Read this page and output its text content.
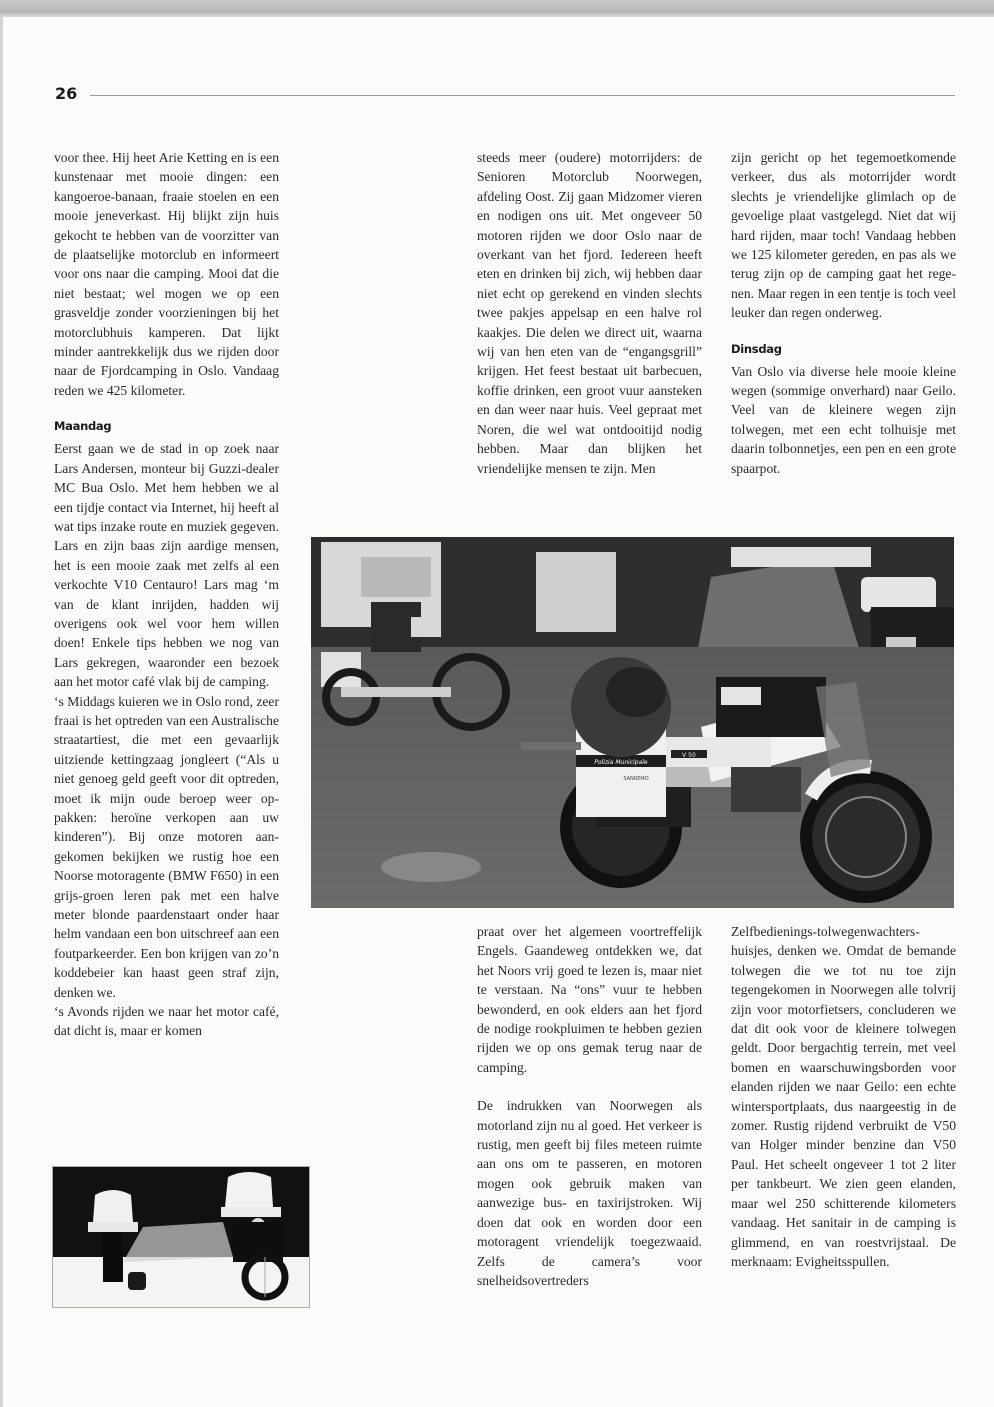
26

voor thee. Hij heet Arie Ketting en is een kunstenaar met mooie dingen: een kangoeroe-banaan, fraaie stoelen en een mooie jeneverkast. Hij blijkt zijn huis gekocht te hebben van de voorzitter van de plaatselijke motorclub en informeert voor ons naar die camping. Mooi dat die niet bestaat; wel mogen we op een grasveldje zonder voorzieningen bij het motorclubhuis kamperen. Dat lijkt minder aantrekkelijk dus we rijden door naar de Fjordcamping in Oslo. Vandaag reden we 425 kilometer.

Maandag

Eerst gaan we de stad in op zoek naar Lars Andersen, monteur bij Guzzi-dealer MC Bua Oslo. Met hem hebben we al een tijdje contact via Internet, hij heeft al wat tips inzake route en muziek gegeven. Lars en zijn baas zijn aardige mensen, het is een mooie zaak met zelfs al een verkochte V10 Centauro! Lars mag ‘m van de klant inrijden, hadden wij overigens ook wel voor hem willen doen! Enkele tips hebben we nog van Lars gekregen, waaronder een bezoek aan het motor café vlak bij de camping.

‘s Middags kuieren we in Oslo rond, zeer fraai is het optreden van een Australische straatartiest, die met een gevaarlijk uitziende kettingzaag jongleert (“Als u niet genoeg geld geeft voor dit optreden, moet ik mijn oude beroep weer oppakken: heroïne verkopen aan uw kinderen”). Bij onze motoren aangekomen bekijken we rustig hoe een Noorse motoragente (BMW F650) in een grijs-groen leren pak met een halve meter blonde paardenstaart onder haar helm vandaan een bon uitschreef aan een foutparkeerder. Een bon krijgen van zo’n koddebeier kan haast geen straf zijn, denken we.

‘s Avonds rijden we naar het motor café, dat dicht is, maar er komen

steeds meer (oudere) motorrijders: de Senioren Motorclub Noorwegen, afdeling Oost. Zij gaan Midzomer vieren en nodigen ons uit. Met ongeveer 50 motoren rijden we door Oslo naar de overkant van het fjord. Iedereen heeft eten en drinken bij zich, wij hebben daar niet echt op gerekend en vinden slechts twee pakjes appelsap en een halve rol kaakjes. Die delen we direct uit, waarna wij van hen eten van de “engangsgrill” krijgen. Het feest bestaat uit barbecuen, koffie drinken, een groot vuur aansteken en dan weer naar huis. Veel gepraat met Noren, die wel wat ontdooitijd nodig hebben. Maar dan blijken het vriendelijke mensen te zijn. Men

zijn gericht op het tegemoetkomende verkeer, dus als motorrijder wordt slechts je vriendelijke glimlach op de gevoelige plaat vastgelegd. Niet dat wij hard rijden, maar toch! Vandaag hebben we 125 kilometer gereden, en pas als we terug zijn op de camping gaat het regenen. Maar regen in een tentje is toch veel leuker dan regen onderweg.

Dinsdag

Van Oslo via diverse hele mooie kleine wegen (sommige onverhard) naar Geilo. Veel van de kleinere wegen zijn tolwegen, met een echt tolhuisje met daarin tolbonnetjes, een pen en een grote spaarpot.

V 50
Polizia Municipale
SANREMO

praat over het algemeen voortreffelijk Engels. Gaandeweg ontdekken we, dat het Noors vrij goed te lezen is, maar niet te verstaan. Na “ons” vuur te hebben bewonderd, en ook elders aan het fjord de nodige rookpluimen te hebben gezien rijden we op ons gemak terug naar de camping.

De indrukken van Noorwegen als motorland zijn nu al goed. Het verkeer is rustig, men geeft bij files meteen ruimte aan ons om te passeren, en motoren mogen ook gebruik maken van aanwezige bus- en taxirijstroken. Wij doen dat ook en worden door een motoragent vriendelijk toegezwaaid. Zelfs de camera’s voor snelheidsovertreders

Zelfbedienings-tolwegenwachtershuisjes, denken we. Omdat de bemande tolwegen die we tot nu toe zijn tegengekomen in Noorwegen alle tolvrij zijn voor motorfietsers, concluderen we dat dit ook voor de kleinere tolwegen geldt. Door bergachtig terrein, met veel bomen en waarschuwingsborden voor elanden rijden we naar Geilo: een echte wintersportplaats, dus naargeestig in de zomer. Rustig rijdend verbruikt de V50 van Holger minder benzine dan V50 Paul. Het scheelt ongeveer 1 tot 2 liter per tankbeurt. We zien geen elanden, maar wel 250 schitterende kilometers vandaag. Het sanitair in de camping is glimmend, en van roestvrijstaal. De merknaam: Evigheitsspullen.
